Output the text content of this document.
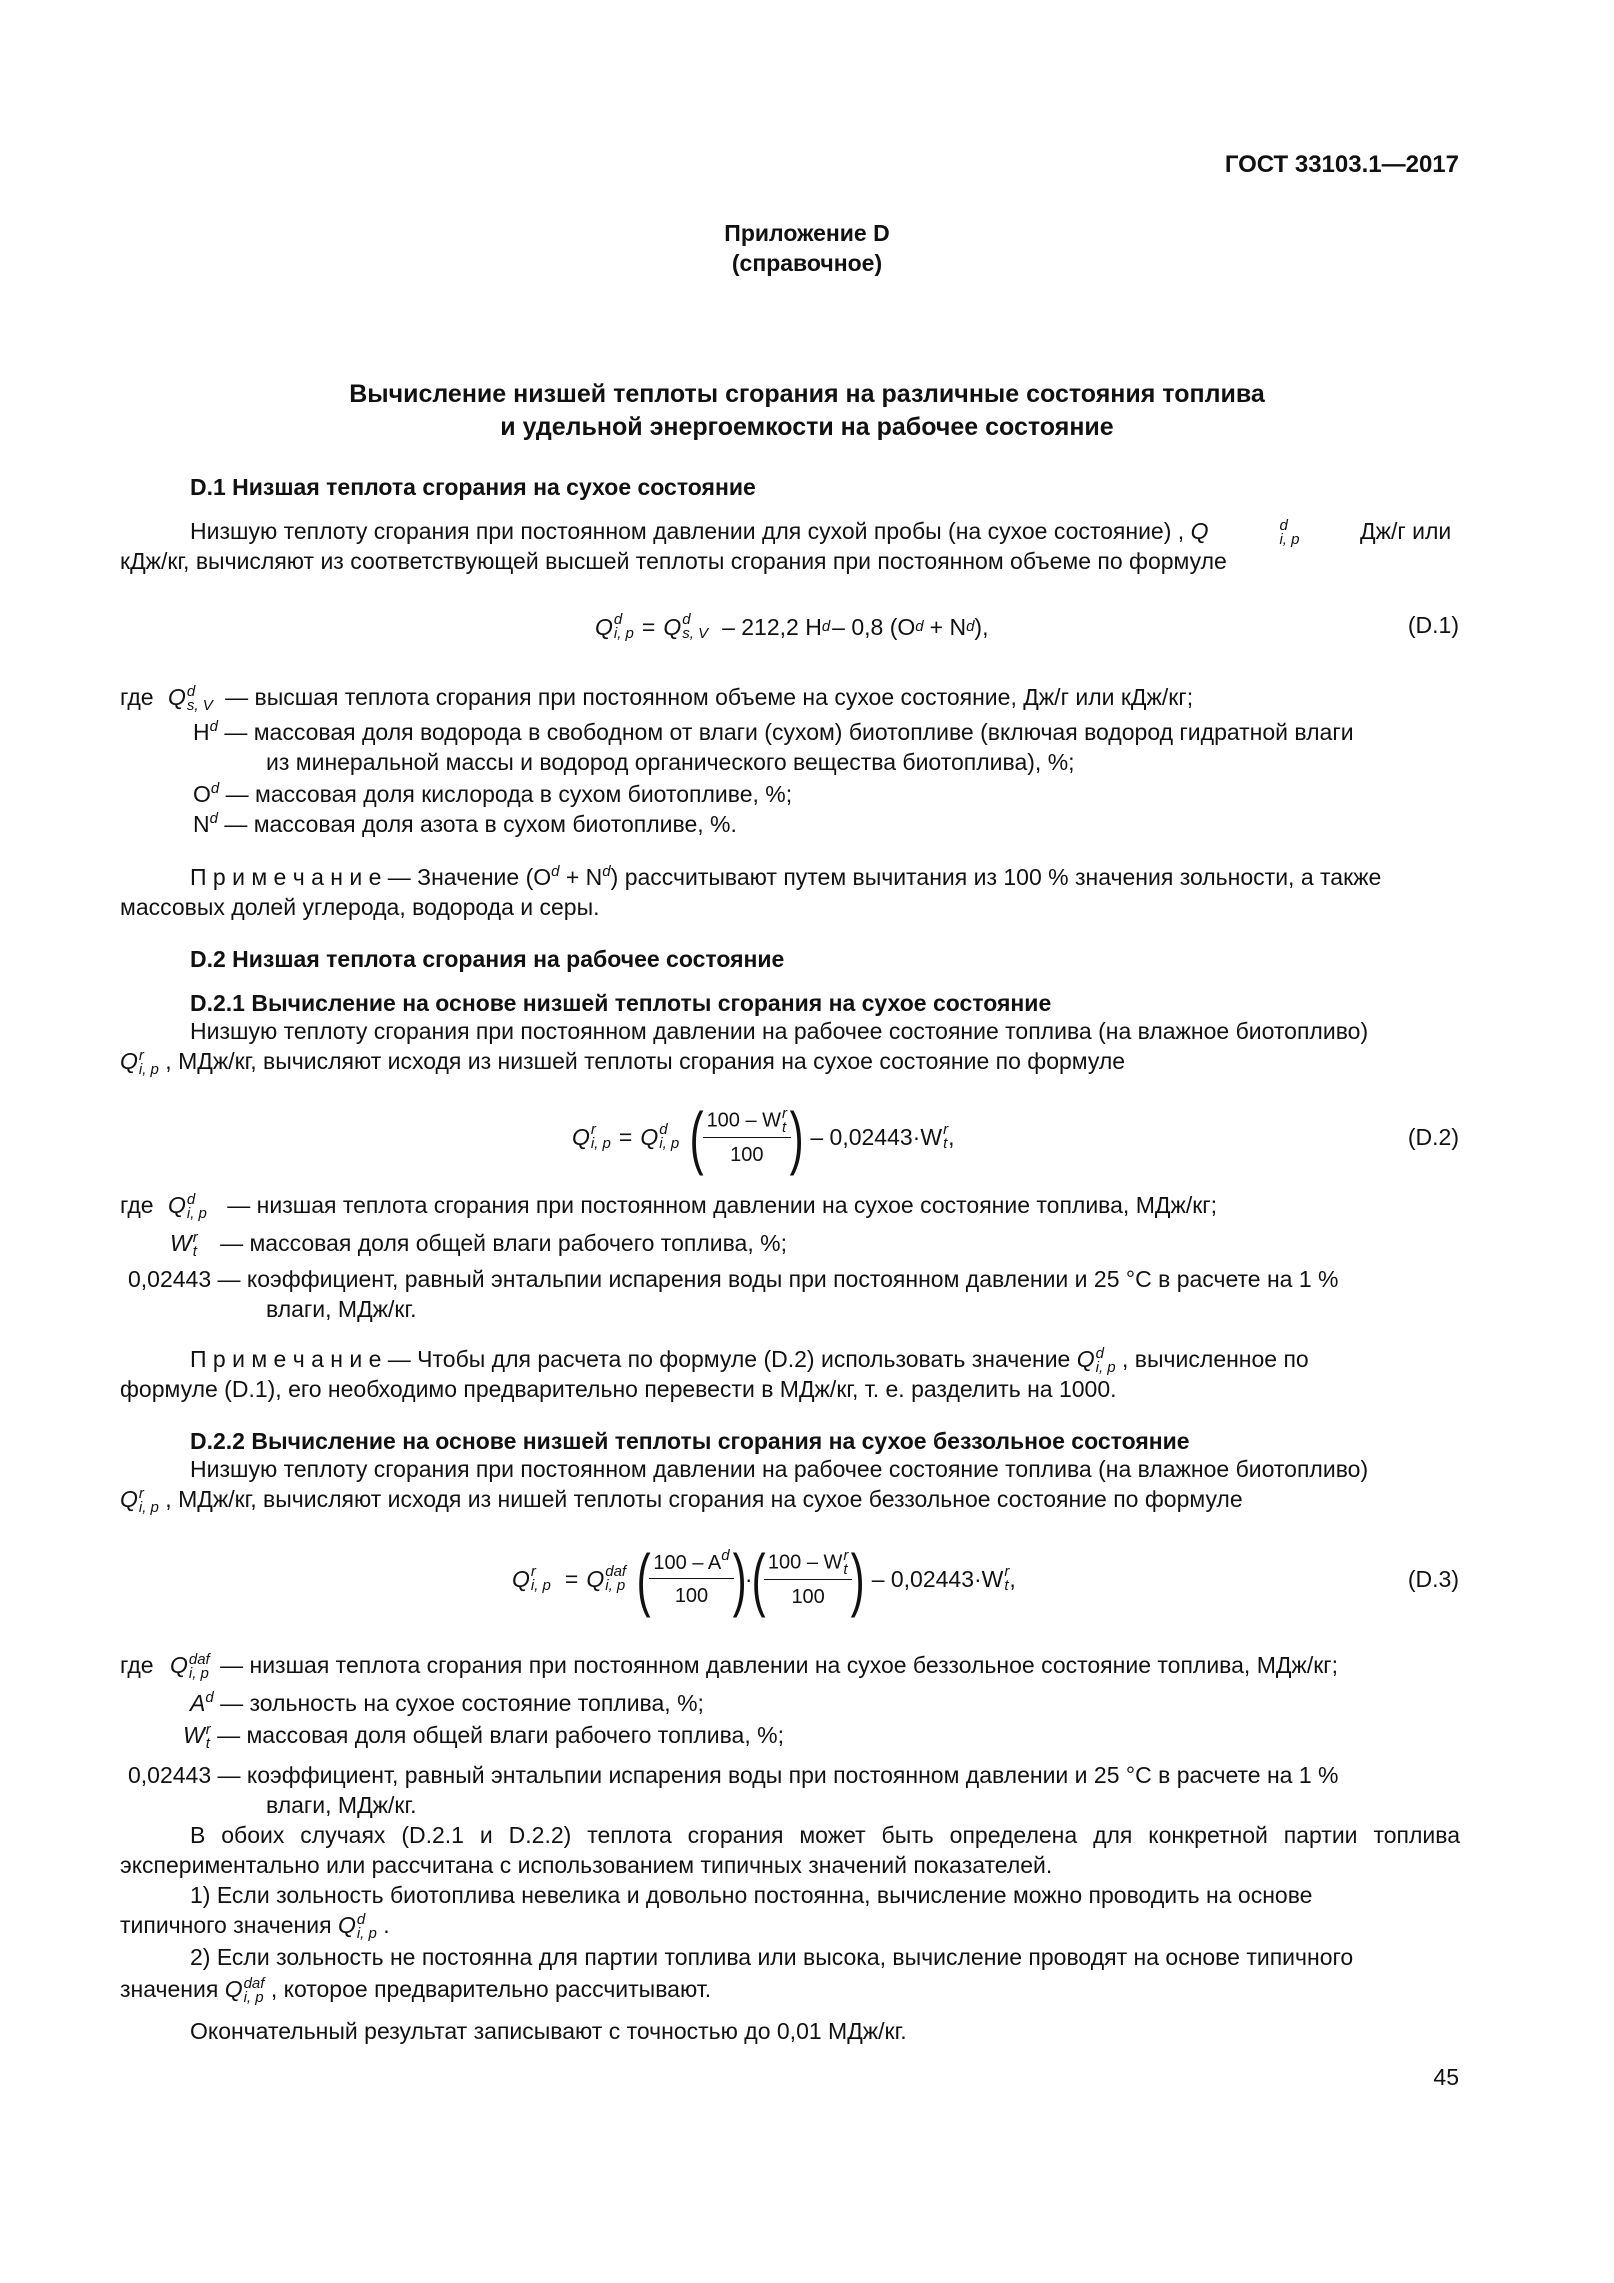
ГОСТ 33103.1—2017
Приложение D
(справочное)
Вычисление низшей теплоты сгорания на различные состояния топлива
и удельной энергоемкости на рабочее состояние
D.1 Низшая теплота сгорания на сухое состояние
Низшую теплоту сгорания при постоянном давлении для сухой пробы (на сухое состояние) , Q	d
i, p	Дж/г или
кДж/кг, вычисляют из соответствующей высшей теплоты сгорания при постоянном объеме по формуле
Q d
i, p = Q d
s, V – 212,2 H d – 0,8 (O d + N d ),	(D.1)
где Q d
s, V — высшая теплота сгорания при постоянном объеме на сухое состояние, Дж/г или кДж/кг;
$H^d$ — массовая доля водорода в свободном от влаги (сухом) биотопливе (включая водород гидратной влаги
из минеральной массы и водород органического вещества биотоплива), %;
$O^d$ — массовая доля кислорода в сухом биотопливе, %;
$N^d$ — массовая доля азота в сухом биотопливе, %.
П р и м е ч а н и е — Значение $(O^d + N^d)$ рассчитывают путем вычитания из 100 % значения зольности, а также
массовых долей углерода, водорода и серы.
D.2 Низшая теплота сгорания на рабочее состояние
D.2.1 Вычисление на основе низшей теплоты сгорания на сухое состояние
Низшую теплоту сгорания при постоянном давлении на рабочее состояние топлива (на влажное биотопливо)
Q r
i, p , МДж/кг, вычисляют исходя из низшей теплоты сгорания на сухое состояние по формуле
Q r
i, p = Q d
i, p (
100 – W r
t
100
) – 0,02443·W r
t ,	(D.2)
где Q d
i, p — низшая теплота сгорания при постоянном давлении на сухое состояние топлива, МДж/кг;
W r
t — массовая доля общей влаги рабочего топлива, %;
0,02443 — коэффициент, равный энтальпии испарения воды при постоянном давлении и 25 °C в расчете на 1 %
влаги, МДж/кг.
П р и м е ч а н и е — Чтобы для расчета по формуле (D.2) использовать значение Q d
i, p , вычисленное по
формуле (D.1), его необходимо предварительно перевести в МДж/кг, т. е. разделить на 1000.
D.2.2 Вычисление на основе низшей теплоты сгорания на сухое беззольное состояние
Низшую теплоту сгорания при постоянном давлении на рабочее состояние топлива (на влажное биотопливо)
Q r
i, p , МДж/кг, вычисляют исходя из нишей теплоты сгорания на сухое беззольное состояние по формуле
Q r
i, p = Q daf
i, p (
$\frac{100 - A^d}{100}$
)
·
(
100 – W r
t
100
) – 0,02443·W r
t ,	(D.3)
где Q daf
i, p — низшая теплота сгорания при постоянном давлении на сухое беззольное состояние топлива, МДж/кг;
$A^d$ — зольность на сухое состояние топлива, %;
W r
t — массовая доля общей влаги рабочего топлива, %;
0,02443 — коэффициент, равный энтальпии испарения воды при постоянном давлении и 25 °C в расчете на 1 %
влаги, МДж/кг.
В обоих случаях (D.2.1 и D.2.2) теплота сгорания может быть определена для конкретной партии топлива экспериментально или рассчитана с использованием типичных значений показателей.
1) Если зольность биотоплива невелика и довольно постоянна, вычисление можно проводить на основе
типичного значения Q d
i, p .
2) Если зольность не постоянна для партии топлива или высока, вычисление проводят на основе типичного
значения Q daf
i, p , которое предварительно рассчитывают.
Окончательный результат записывают с точностью до 0,01 МДж/кг.
45
